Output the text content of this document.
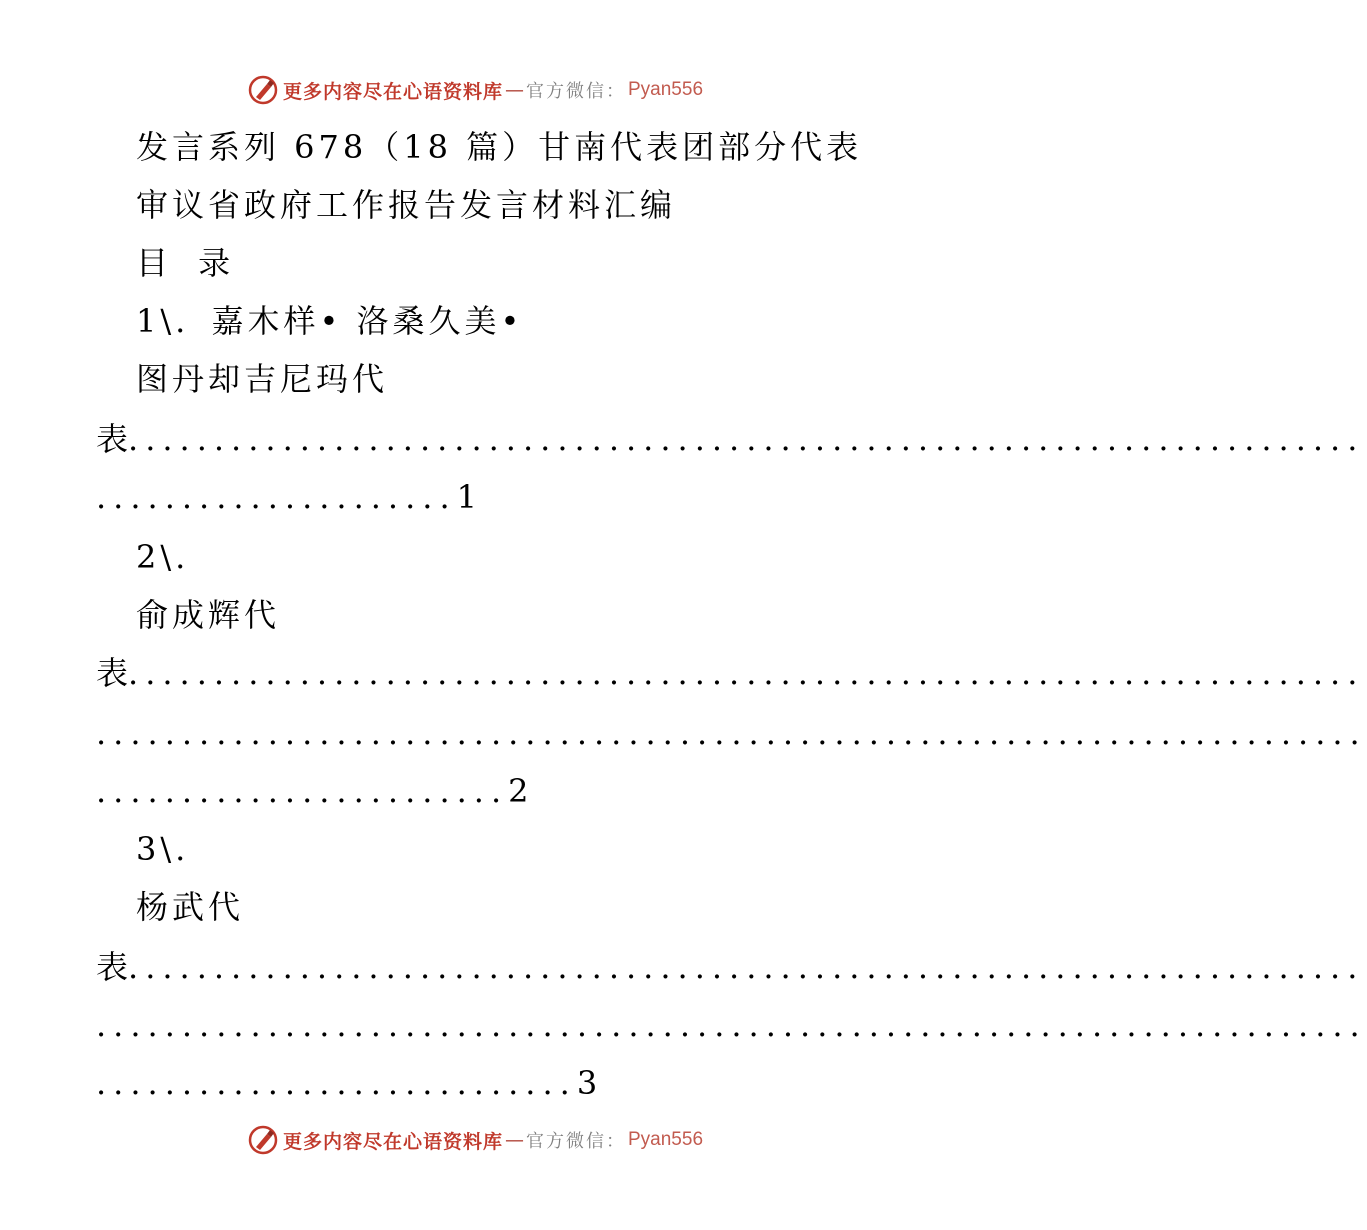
更多内容尽在心语资料库 — 官方微信： Pyan556
发言系列 678（18 篇）甘南代表团部分代表
审议省政府工作报告发言材料汇编
目 录
1\. 嘉木样• 洛桑久美•
图丹却吉尼玛代
表 ........................................................................
.....................1
2\.
俞成辉代
表 ........................................................................
..........................................................................
........................2
3\.
杨武代
表 ........................................................................
..........................................................................
............................3
更多内容尽在心语资料库 — 官方微信： Pyan556
